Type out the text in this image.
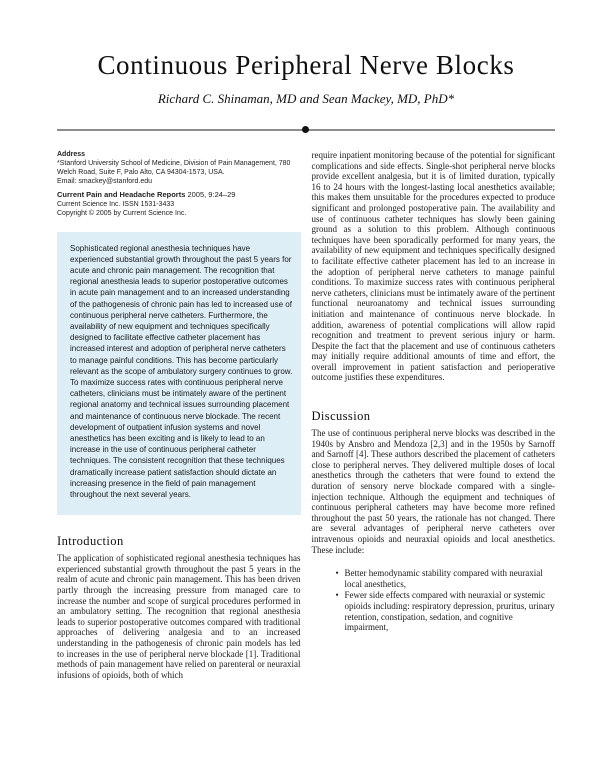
Continuous Peripheral Nerve Blocks
Richard C. Shinaman, MD and Sean Mackey, MD, PhD*
Address
*Stanford University School of Medicine, Division of Pain Management, 780 Welch Road, Suite F, Palo Alto, CA 94304-1573, USA.
Email: smackey@stanford.edu
Current Pain and Headache Reports 2005, 9:24–29
Current Science Inc. ISSN 1531-3433
Copyright © 2005 by Current Science Inc.
Sophisticated regional anesthesia techniques have experienced substantial growth throughout the past 5 years for acute and chronic pain management. The recognition that regional anesthesia leads to superior postoperative outcomes in acute pain management and to an increased understanding of the pathogenesis of chronic pain has led to increased use of continuous peripheral nerve catheters. Furthermore, the availability of new equipment and techniques specifically designed to facilitate effective catheter placement has increased interest and adoption of peripheral nerve catheters to manage painful conditions. This has become particularly relevant as the scope of ambulatory surgery continues to grow. To maximize success rates with continuous peripheral nerve catheters, clinicians must be intimately aware of the pertinent regional anatomy and technical issues surrounding placement and maintenance of continuous nerve blockade. The recent development of outpatient infusion systems and novel anesthetics has been exciting and is likely to lead to an increase in the use of continuous peripheral catheter techniques. The consistent recognition that these techniques dramatically increase patient satisfaction should dictate an increasing presence in the field of pain management throughout the next several years.
Introduction

The application of sophisticated regional anesthesia techniques has experienced substantial growth throughout the past 5 years in the realm of acute and chronic pain management. This has been driven partly through the increasing pressure from managed care to increase the number and scope of surgical procedures performed in an ambulatory setting. The recognition that regional anesthesia leads to superior postoperative outcomes compared with traditional approaches of delivering analgesia and to an increased understanding in the pathogenesis of chronic pain models has led to increases in the use of peripheral nerve blockade [1]. Traditional methods of pain management have relied on parenteral or neuraxial infusions of opioids, both of which

require inpatient monitoring because of the potential for significant complications and side effects. Single-shot peripheral nerve blocks provide excellent analgesia, but it is of limited duration, typically 16 to 24 hours with the longest-lasting local anesthetics available; this makes them unsuitable for the procedures expected to produce significant and prolonged postoperative pain. The availability and use of continuous catheter techniques has slowly been gaining ground as a solution to this problem. Although continuous techniques have been sporadically performed for many years, the availability of new equipment and techniques specifically designed to facilitate effective catheter placement has led to an increase in the adoption of peripheral nerve catheters to manage painful conditions. To maximize success rates with continuous peripheral nerve catheters, clinicians must be intimately aware of the pertinent functional neuroanatomy and technical issues surrounding initiation and maintenance of continuous nerve blockade. In addition, awareness of potential complications will allow rapid recognition and treatment to prevent serious injury or harm. Despite the fact that the placement and use of continuous catheters may initially require additional amounts of time and effort, the overall improvement in patient satisfaction and perioperative outcome justifies these expenditures.

Discussion

The use of continuous peripheral nerve blocks was described in the 1940s by Ansbro and Mendoza [2,3] and in the 1950s by Sarnoff and Sarnoff [4]. These authors described the placement of catheters close to peripheral nerves. They delivered multiple doses of local anesthetics through the catheters that were found to extend the duration of sensory nerve blockade compared with a single-injection technique. Although the equipment and techniques of continuous peripheral catheters may have become more refined throughout the past 50 years, the rationale has not changed. There are several advantages of peripheral nerve catheters over intravenous opioids and neuraxial opioids and local anesthetics. These include:

• Better hemodynamic stability compared with neuraxial local anesthetics,
• Fewer side effects compared with neuraxial or systemic opioids including: respiratory depression, pruritus, urinary retention, constipation, sedation, and cognitive impairment,
